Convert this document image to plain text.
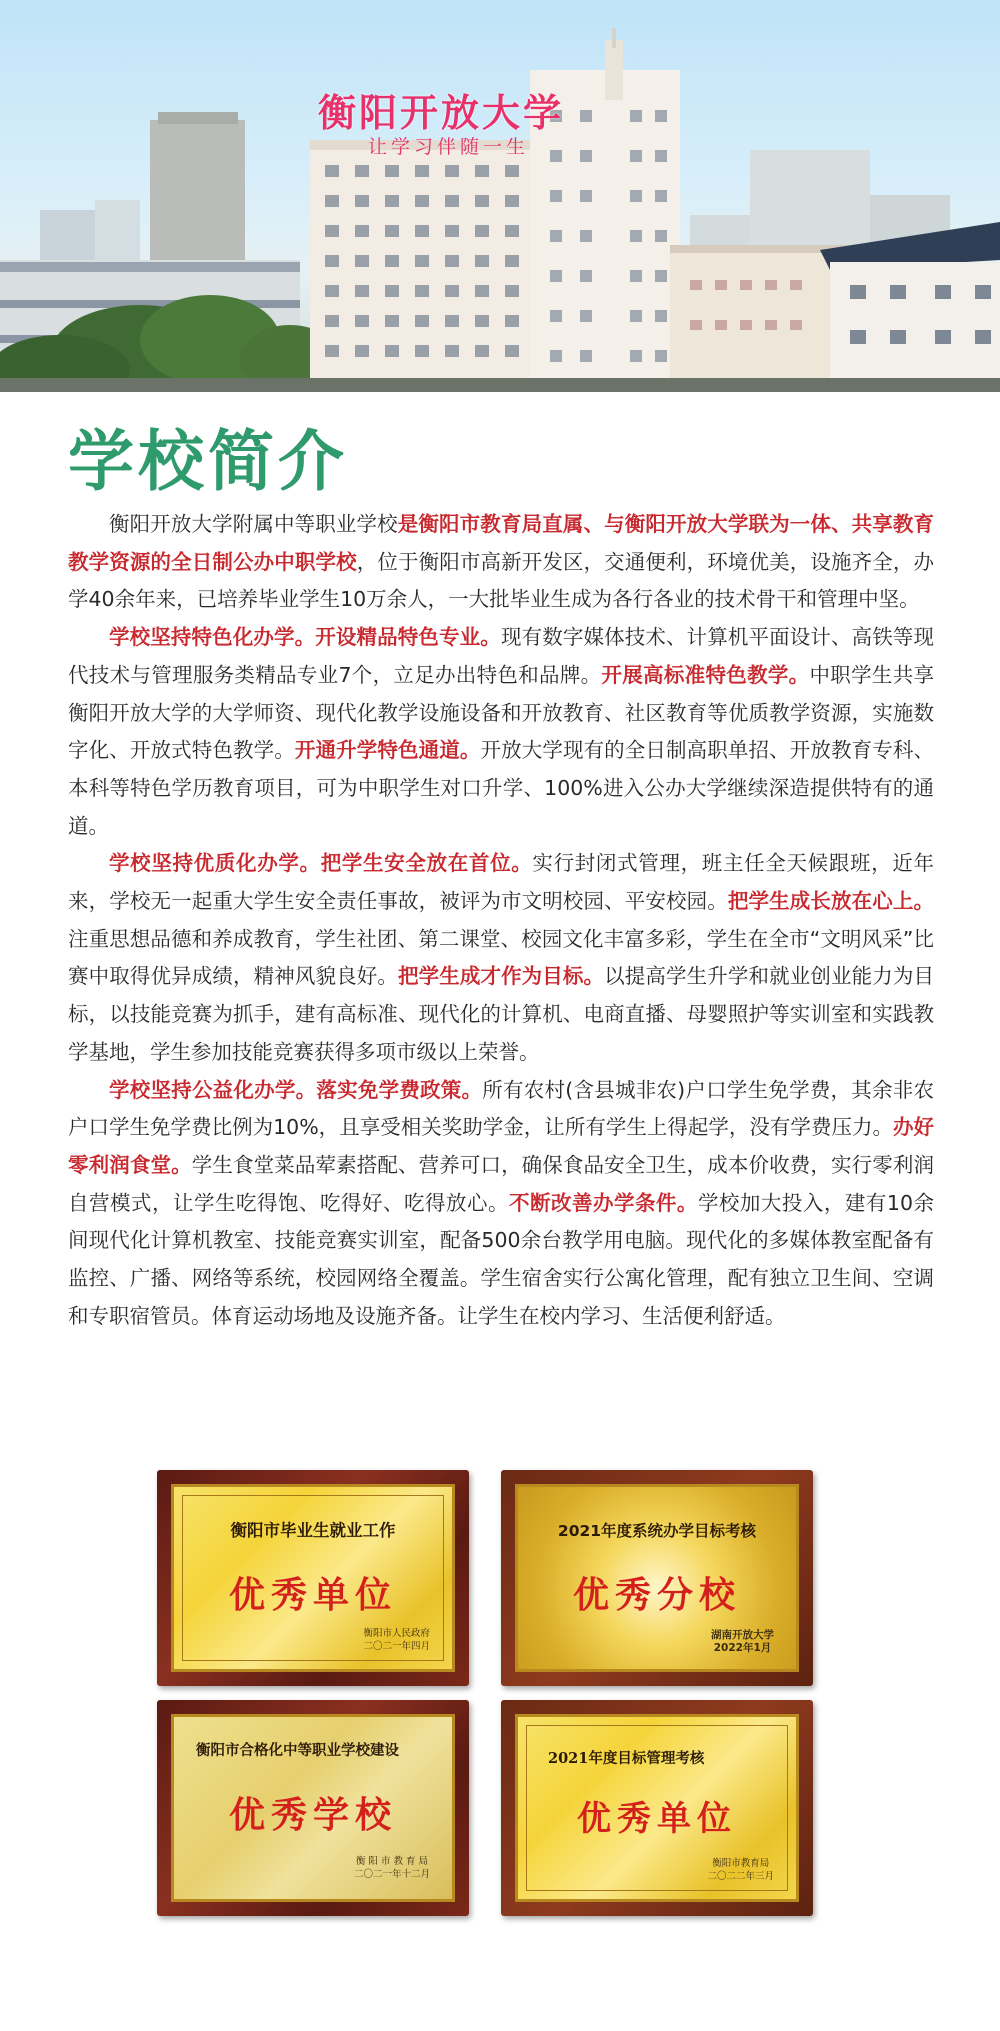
衡阳开放大学
让学习伴随一生
学校简介

衡阳开放大学附属中等职业学校是衡阳市教育局直属、与衡阳开放大学联为一体、共享教育教学资源的全日制公办中职学校，位于衡阳市高新开发区，交通便利，环境优美，设施齐全，办学40余年来，已培养毕业学生10万余人，一大批毕业生成为各行各业的技术骨干和管理中坚。

学校坚持特色化办学。开设精品特色专业。现有数字媒体技术、计算机平面设计、高铁等现代技术与管理服务类精品专业7个，立足办出特色和品牌。开展高标准特色教学。中职学生共享衡阳开放大学的大学师资、现代化教学设施设备和开放教育、社区教育等优质教学资源，实施数字化、开放式特色教学。开通升学特色通道。开放大学现有的全日制高职单招、开放教育专科、本科等特色学历教育项目，可为中职学生对口升学、100%进入公办大学继续深造提供特有的通道。

学校坚持优质化办学。把学生安全放在首位。实行封闭式管理，班主任全天候跟班，近年来，学校无一起重大学生安全责任事故，被评为市文明校园、平安校园。把学生成长放在心上。注重思想品德和养成教育，学生社团、第二课堂、校园文化丰富多彩，学生在全市“文明风采”比赛中取得优异成绩，精神风貌良好。把学生成才作为目标。以提高学生升学和就业创业能力为目标，以技能竞赛为抓手，建有高标准、现代化的计算机、电商直播、母婴照护等实训室和实践教学基地，学生参加技能竞赛获得多项市级以上荣誉。

学校坚持公益化办学。落实免学费政策。所有农村(含县城非农)户口学生免学费，其余非农户口学生免学费比例为10%，且享受相关奖助学金，让所有学生上得起学，没有学费压力。办好零利润食堂。学生食堂菜品荤素搭配、营养可口，确保食品安全卫生，成本价收费，实行零利润自营模式，让学生吃得饱、吃得好、吃得放心。不断改善办学条件。学校加大投入，建有10余间现代化计算机教室、技能竞赛实训室，配备500余台教学用电脑。现代化的多媒体教室配备有监控、广播、网络等系统，校园网络全覆盖。学生宿舍实行公寓化管理，配有独立卫生间、空调和专职宿管员。体育运动场地及设施齐备。让学生在校内学习、生活便利舒适。

衡阳市毕业生就业工作
优秀单位
衡阳市人民政府
二〇二一年四月
2021年度系统办学目标考核
优秀分校
湖南开放大学
2022年1月
衡阳市合格化中等职业学校建设
优秀学校
衡 阳 市 教 育 局
二〇二一年十二月
2021年度目标管理考核
优秀单位
衡阳市教育局
二〇二二年三月
